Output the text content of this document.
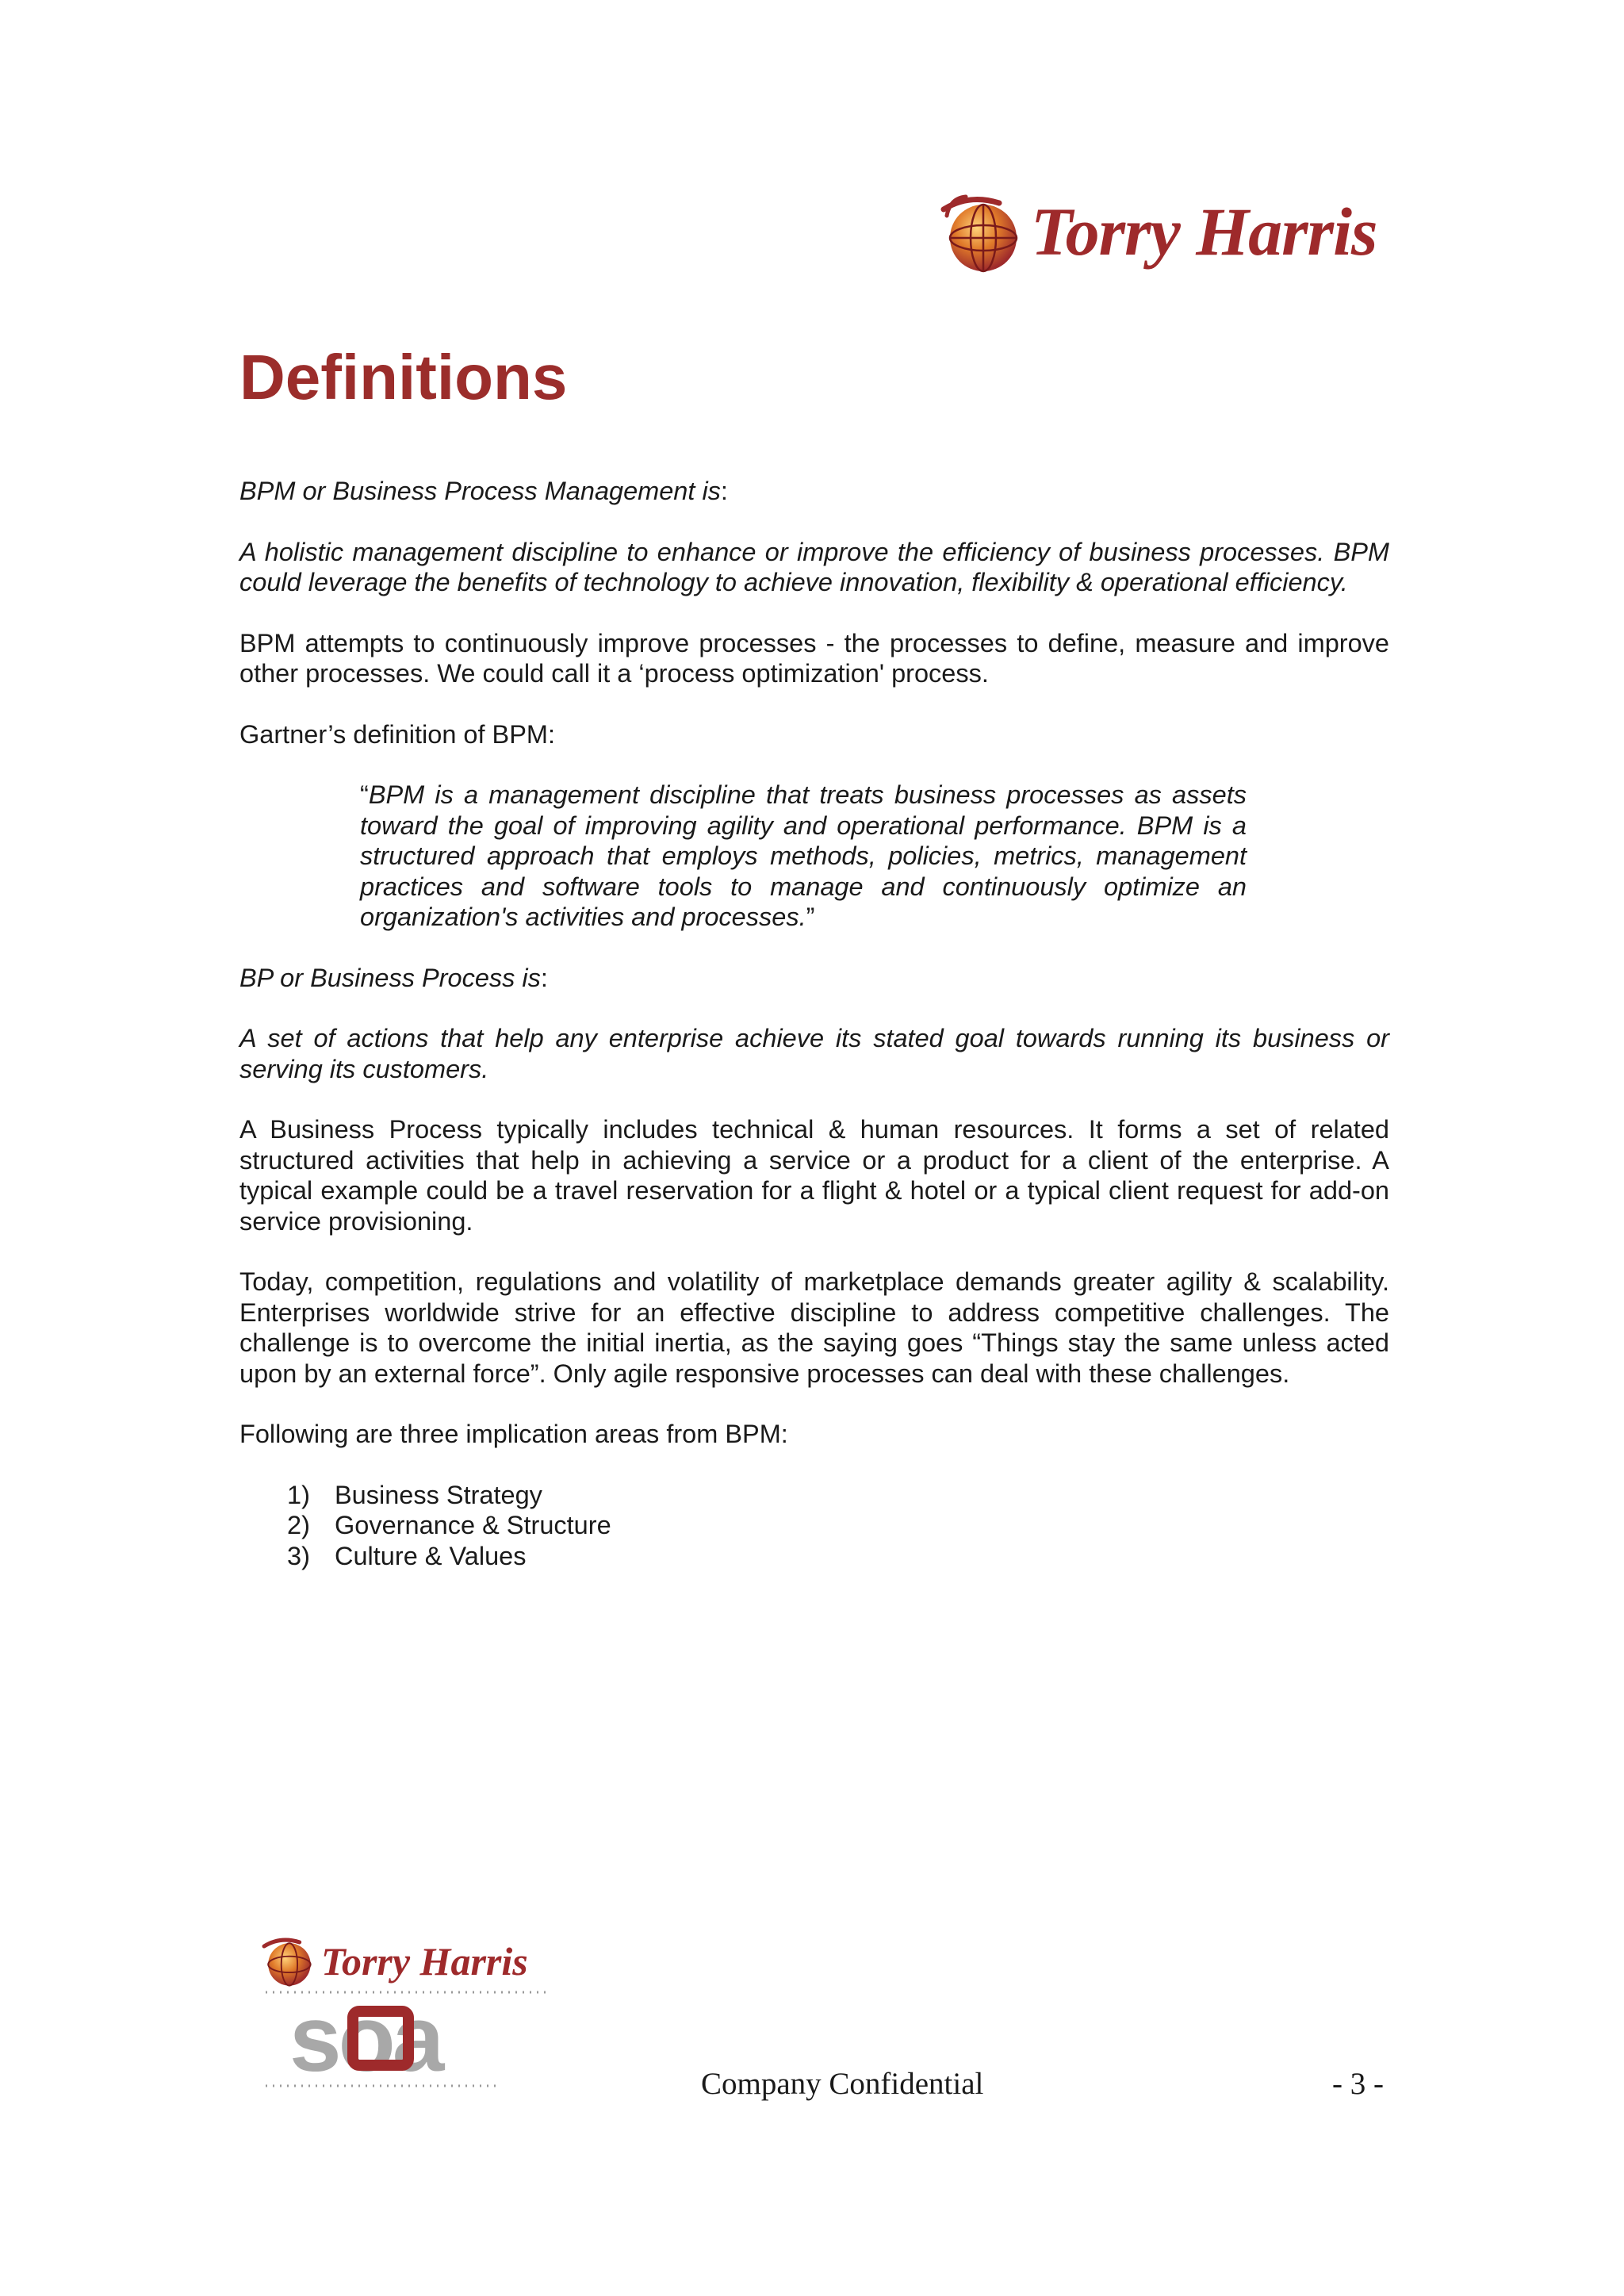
Torry Harris
Definitions

BPM or Business Process Management is:

A holistic management discipline to enhance or improve the efficiency of business processes. BPM could leverage the benefits of technology to achieve innovation, flexibility & operational efficiency.

BPM attempts to continuously improve processes - the processes to define, measure and improve other processes. We could call it a ‘process optimization' process.

Gartner’s definition of BPM:

“BPM is a management discipline that treats business processes as assets toward the goal of improving agility and operational performance. BPM is a structured approach that employs methods, policies, metrics, management practices and software tools to manage and continuously optimize an organization's activities and processes.”

BP or Business Process is:

A set of actions that help any enterprise achieve its stated goal towards running its business or serving its customers.

A Business Process typically includes technical & human resources. It forms a set of related structured activities that help in achieving a service or a product for a client of the enterprise. A typical example could be a travel reservation for a flight & hotel or a typical client request for add-on service provisioning.

Today, competition, regulations and volatility of marketplace demands greater agility & scalability. Enterprises worldwide strive for an effective discipline to address competitive challenges. The challenge is to overcome the initial inertia, as the saying goes “Things stay the same unless acted upon by an external force”. Only agile responsive processes can deal with these challenges.

Following are three implication areas from BPM:

1) Business Strategy
2) Governance & Structure
3) Culture & Values
Torry Harris
soa	Company Confidential	- 3 -
